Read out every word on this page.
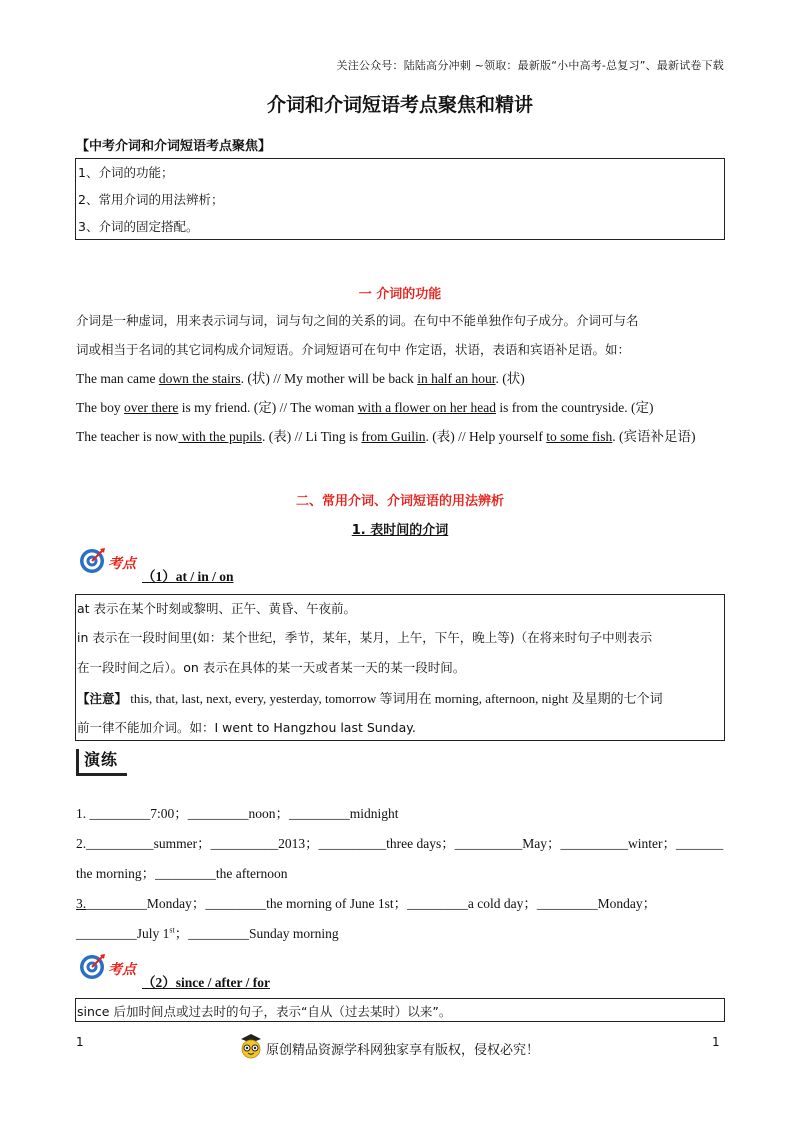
关注公众号：陆陆高分冲刺 ~领取：最新版“小中高考-总复习”、最新试卷下载
介词和介词短语考点聚焦和精讲
【中考介词和介词短语考点聚焦】
1、介词的功能；
2、常用介词的用法辨析；
3、介词的固定搭配。
一 介词的功能
介词是一种虚词，用来表示词与词，词与句之间的关系的词。在句中不能单独作句子成分。介词可与名
词或相当于名词的其它词构成介词短语。介词短语可在句中 作定语，状语，表语和宾语补足语。如：
The man came down the stairs. (状) // My mother will be back in half an hour. (状)
The boy over there is my friend. (定) // The woman with a flower on her head is from the countryside. (定)
The teacher is now with the pupils. (表) // Li Ting is from Guilin. (表) // Help yourself to some fish. (宾语补足语)
二、常用介词、介词短语的用法辨析
1. 表时间的介词
考点
（1）at / in / on
at 表示在某个时刻或黎明、正午、黄昏、午夜前。
in 表示在一段时间里(如：某个世纪，季节，某年，某月，上午，下午，晚上等)（在将来时句子中则表示
在一段时间之后）。on 表示在具体的某一天或者某一天的某一段时间。
【注意】 this, that, last, next, every, yesterday, tomorrow 等词用在 morning, afternoon, night 及星期的七个词
前一律不能加介词。如：I went to Hangzhou last Sunday.
演练
1. _________7:00；_________noon；_________midnight
2.__________summer；__________2013；__________three days；__________May；__________winter；_______
the morning；_________the afternoon
3._________Monday；_________the morning of June 1st；_________a cold day；_________Monday；
_________July 1st；_________Sunday morning
考点
（2）since / after / for
since 后加时间点或过去时的句子，表示“自从（过去某时）以来”。
1	1
原创精品资源学科网独家享有版权，侵权必究！
